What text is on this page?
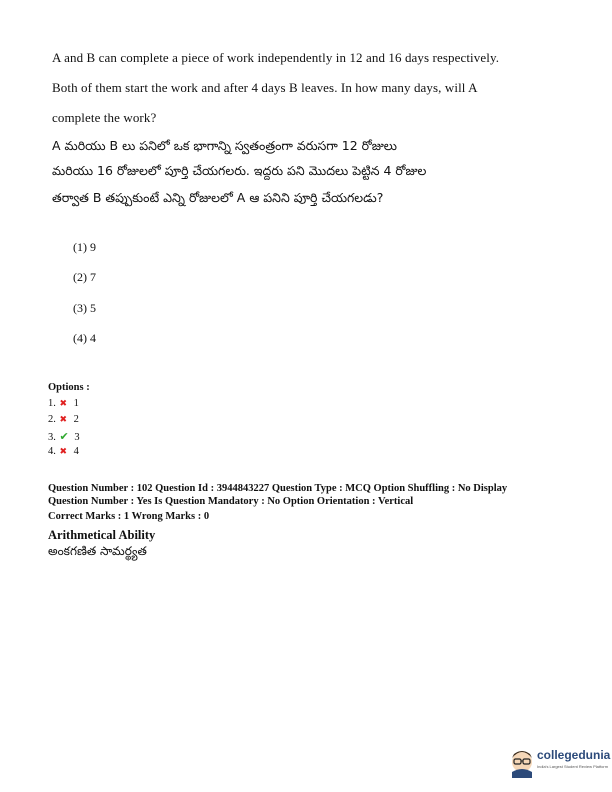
A and B can complete a piece of work independently in 12 and 16 days respectively.
Both of them start the work and after 4 days B leaves. In how many days, will A
complete the work?
A మరియు B లు పనిలో ఒక భాగాన్ని స్వతంత్రంగా వరుసగా 12 రోజులు
మరియు 16 రోజులలో పూర్తి చేయగలరు. ఇద్దరు పని మొదలు పెట్టిన 4 రోజుల
తర్వాత B తప్పుకుంటే ఎన్ని రోజులలో A ఆ పనిని పూర్తి చేయగలడు?
(1) 9
(2) 7
(3) 5
(4) 4
Options :
1. ✖ 1
2. ✖ 2
3. ✔ 3
4. ✖ 4
Question Number : 102 Question Id : 3944843227 Question Type : MCQ Option Shuffling : No Display
Question Number : Yes Is Question Mandatory : No Option Orientation : Vertical
Correct Marks : 1 Wrong Marks : 0
Arithmetical Ability
అంకగణిత సామర్థ్యత
collegedunia
India's Largest Student Review Platform
